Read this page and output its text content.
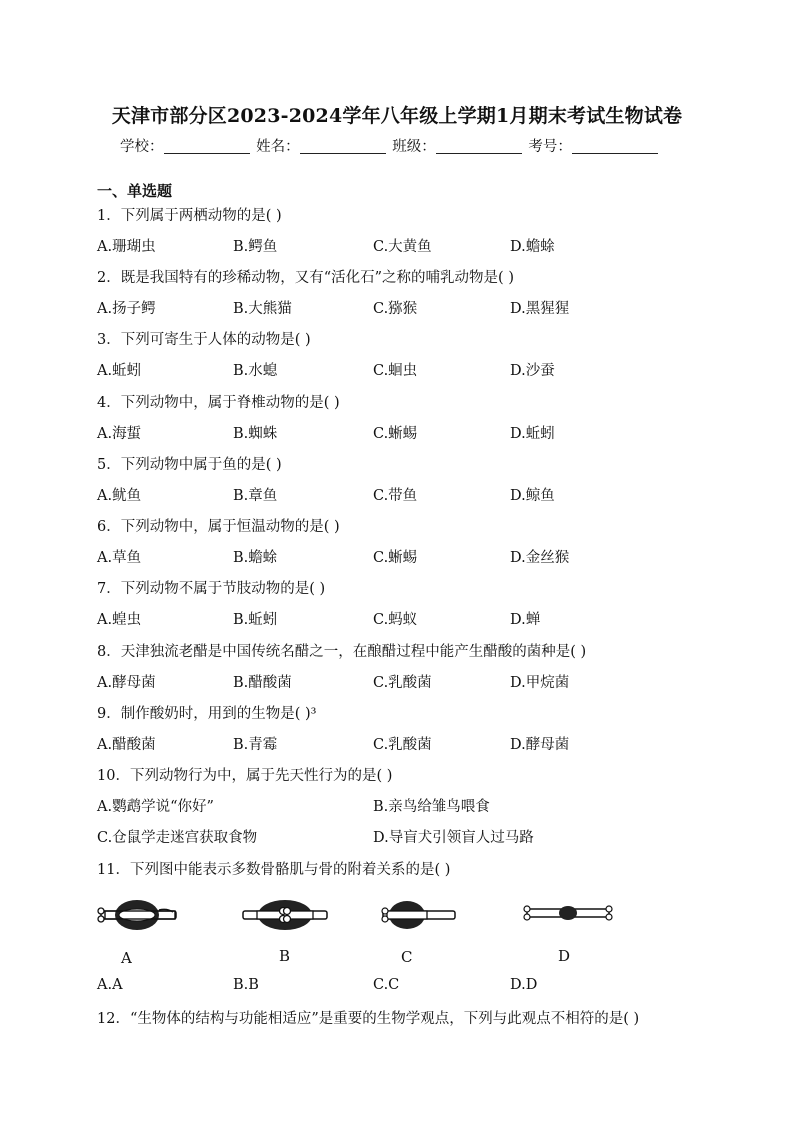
天津市部分区2023-2024学年八年级上学期1月期末考试生物试卷
学校：	姓名：	班级：	考号：
一、单选题
1．下列属于两栖动物的是( )
A.珊瑚虫	B.鳄鱼	C.大黄鱼	D.蟾蜍
2．既是我国特有的珍稀动物，又有“活化石”之称的哺乳动物是( )
A.扬子鳄	B.大熊猫	C.猕猴	D.黑猩猩
3．下列可寄生于人体的动物是( )
A.蚯蚓	B.水螅	C.蛔虫	D.沙蚕
4．下列动物中，属于脊椎动物的是( )
A.海蜇	B.蜘蛛	C.蜥蜴	D.蚯蚓
5．下列动物中属于鱼的是( )
A.鱿鱼	B.章鱼	C.带鱼	D.鲸鱼
6．下列动物中，属于恒温动物的是( )
A.草鱼	B.蟾蜍	C.蜥蜴	D.金丝猴
7．下列动物不属于节肢动物的是( )
A.蝗虫	B.蚯蚓	C.蚂蚁	D.蝉
8．天津独流老醋是中国传统名醋之一，在酿醋过程中能产生醋酸的菌种是( )
A.酵母菌	B.醋酸菌	C.乳酸菌	D.甲烷菌
9．制作酸奶时，用到的生物是( )³
A.醋酸菌	B.青霉	C.乳酸菌	D.酵母菌
10．下列动物行为中，属于先天性行为的是( )
A.鹦鹉学说“你好”	B.亲鸟给雏鸟喂食
C.仓鼠学走迷宫获取食物	D.导盲犬引领盲人过马路
11．下列图中能表示多数骨骼肌与骨的附着关系的是( )
A	B	C	D
A.A	B.B	C.C	D.D
12．“生物体的结构与功能相适应”是重要的生物学观点，下列与此观点不相符的是( )
